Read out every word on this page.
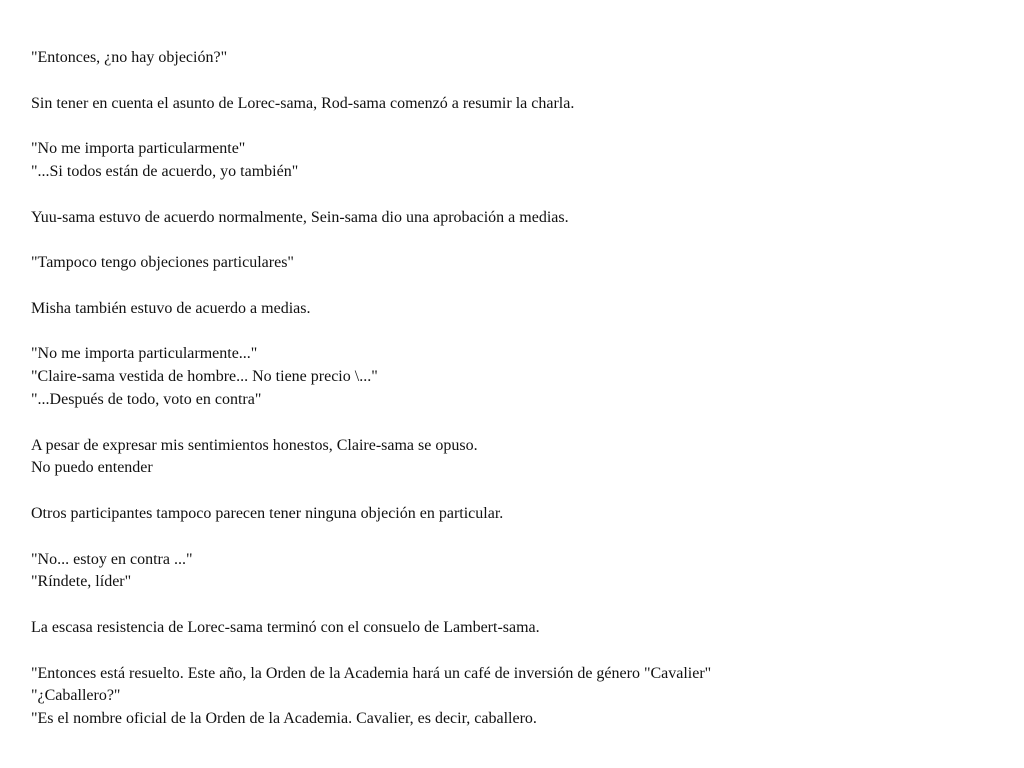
"Entonces, ¿no hay objeción?"

Sin tener en cuenta el asunto de Lorec-sama, Rod-sama comenzó a resumir la charla.

"No me importa particularmente"
"...Si todos están de acuerdo, yo también"

Yuu-sama estuvo de acuerdo normalmente, Sein-sama dio una aprobación a medias.

"Tampoco tengo objeciones particulares"

Misha también estuvo de acuerdo a medias.

"No me importa particularmente..."
"Claire-sama vestida de hombre... No tiene precio \..."
"...Después de todo, voto en contra"

A pesar de expresar mis sentimientos honestos, Claire-sama se opuso.
No puedo entender

Otros participantes tampoco parecen tener ninguna objeción en particular.

"No... estoy en contra ..."
"Ríndete, líder"

La escasa resistencia de Lorec-sama terminó con el consuelo de Lambert-sama.

"Entonces está resuelto. Este año, la Orden de la Academia hará un café de inversión de género "Cavalier"
"¿Caballero?"
"Es el nombre oficial de la Orden de la Academia. Cavalier, es decir, caballero.
